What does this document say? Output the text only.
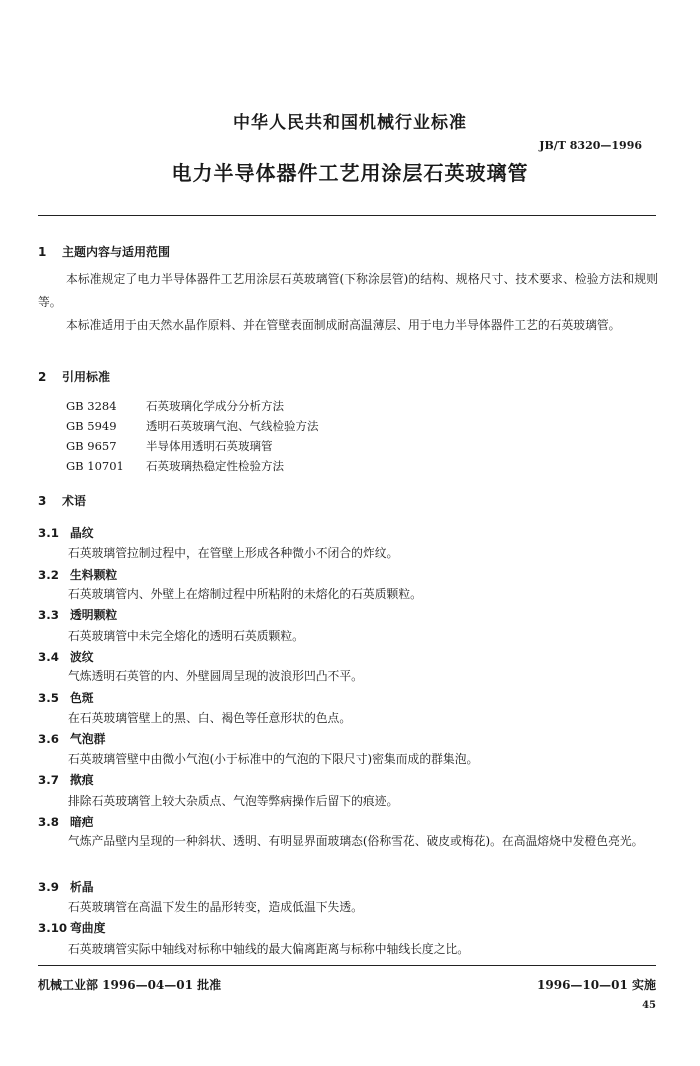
中华人民共和国机械行业标准
JB/T 8320—1996
电力半导体器件工艺用涂层石英玻璃管
1 主题内容与适用范围
本标准规定了电力半导体器件工艺用涂层石英玻璃管(下称涂层管)的结构、规格尺寸、技术要求、检验方法和规则等。
本标准适用于由天然水晶作原料、并在管壁表面制成耐高温薄层、用于电力半导体器件工艺的石英玻璃管。
2 引用标准
GB 3284	石英玻璃化学成分分析方法
GB 5949	透明石英玻璃气泡、气线检验方法
GB 9657	半导体用透明石英玻璃管
GB 10701 石英玻璃热稳定性检验方法
3 术语
3.1 晶纹
石英玻璃管拉制过程中，在管壁上形成各种微小不闭合的炸纹。
3.2 生料颗粒
石英玻璃管内、外壁上在熔制过程中所粘附的未熔化的石英质颗粒。
3.3 透明颗粒
石英玻璃管中未完全熔化的透明石英质颗粒。
3.4 波纹
气炼透明石英管的内、外壁圆周呈现的波浪形凹凸不平。
3.5 色斑
在石英玻璃管壁上的黑、白、褐色等任意形状的色点。
3.6 气泡群
石英玻璃管壁中由微小气泡(小于标准中的气泡的下限尺寸)密集而成的群集泡。
3.7 揿痕
排除石英玻璃管上较大杂质点、气泡等弊病操作后留下的痕迹。
3.8 暗疤
气炼产品壁内呈现的一种斜状、透明、有明显界面玻璃态(俗称雪花、破皮或梅花)。在高温熔烧中发橙色亮光。
3.9 析晶
石英玻璃管在高温下发生的晶形转变，造成低温下失透。
3.10 弯曲度
石英玻璃管实际中轴线对标称中轴线的最大偏离距离与标称中轴线长度之比。
机械工业部 1996—04—01 批准	1996—10—01 实施
45
